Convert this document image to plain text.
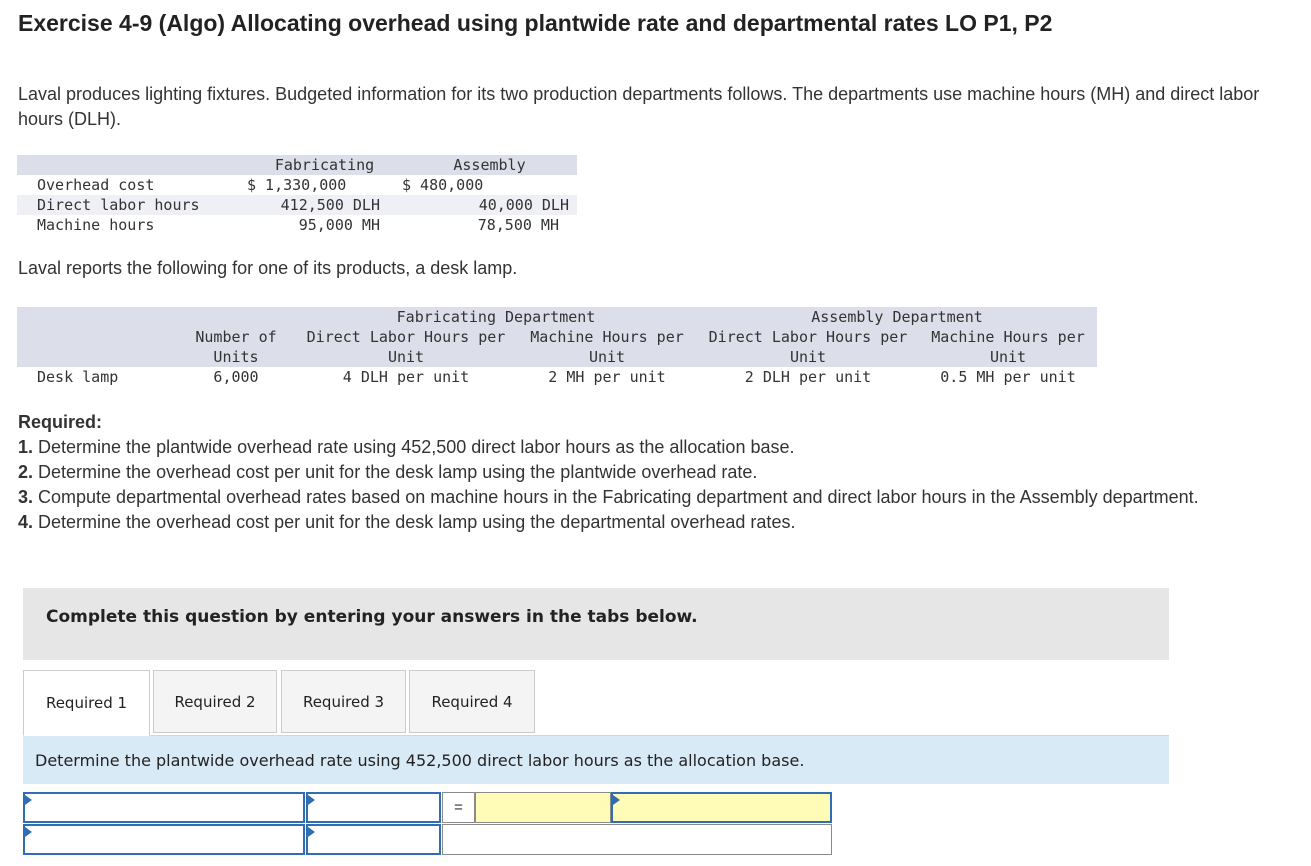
Exercise 4-9 (Algo) Allocating overhead using plantwide rate and departmental rates LO P1, P2
Laval produces lighting fixtures. Budgeted information for its two production departments follows. The departments use machine hours (MH) and direct labor hours (DLH).
	Fabricating	Assembly
Overhead cost	$ 1,330,000	$ 480,000
Direct labor hours	412,500 DLH	40,000 DLH
Machine hours	95,000 MH	78,500 MH
Laval reports the following for one of its products, a desk lamp.
		Fabricating Department		Assembly Department	
	Number of	Direct Labor Hours per	Machine Hours per	Direct Labor Hours per	Machine Hours per
	Units	Unit	Unit	Unit	Unit
Desk lamp	6,000	4 DLH per unit	2 MH per unit	2 DLH per unit	0.5 MH per unit
Required:
1. Determine the plantwide overhead rate using 452,500 direct labor hours as the allocation base.
2. Determine the overhead cost per unit for the desk lamp using the plantwide overhead rate.
3. Compute departmental overhead rates based on machine hours in the Fabricating department and direct labor hours in the Assembly department.
4. Determine the overhead cost per unit for the desk lamp using the departmental overhead rates.
Complete this question by entering your answers in the tabs below.
Required 1	Required 2	Required 3	Required 4
Determine the plantwide overhead rate using 452,500 direct labor hours as the allocation base.
=
